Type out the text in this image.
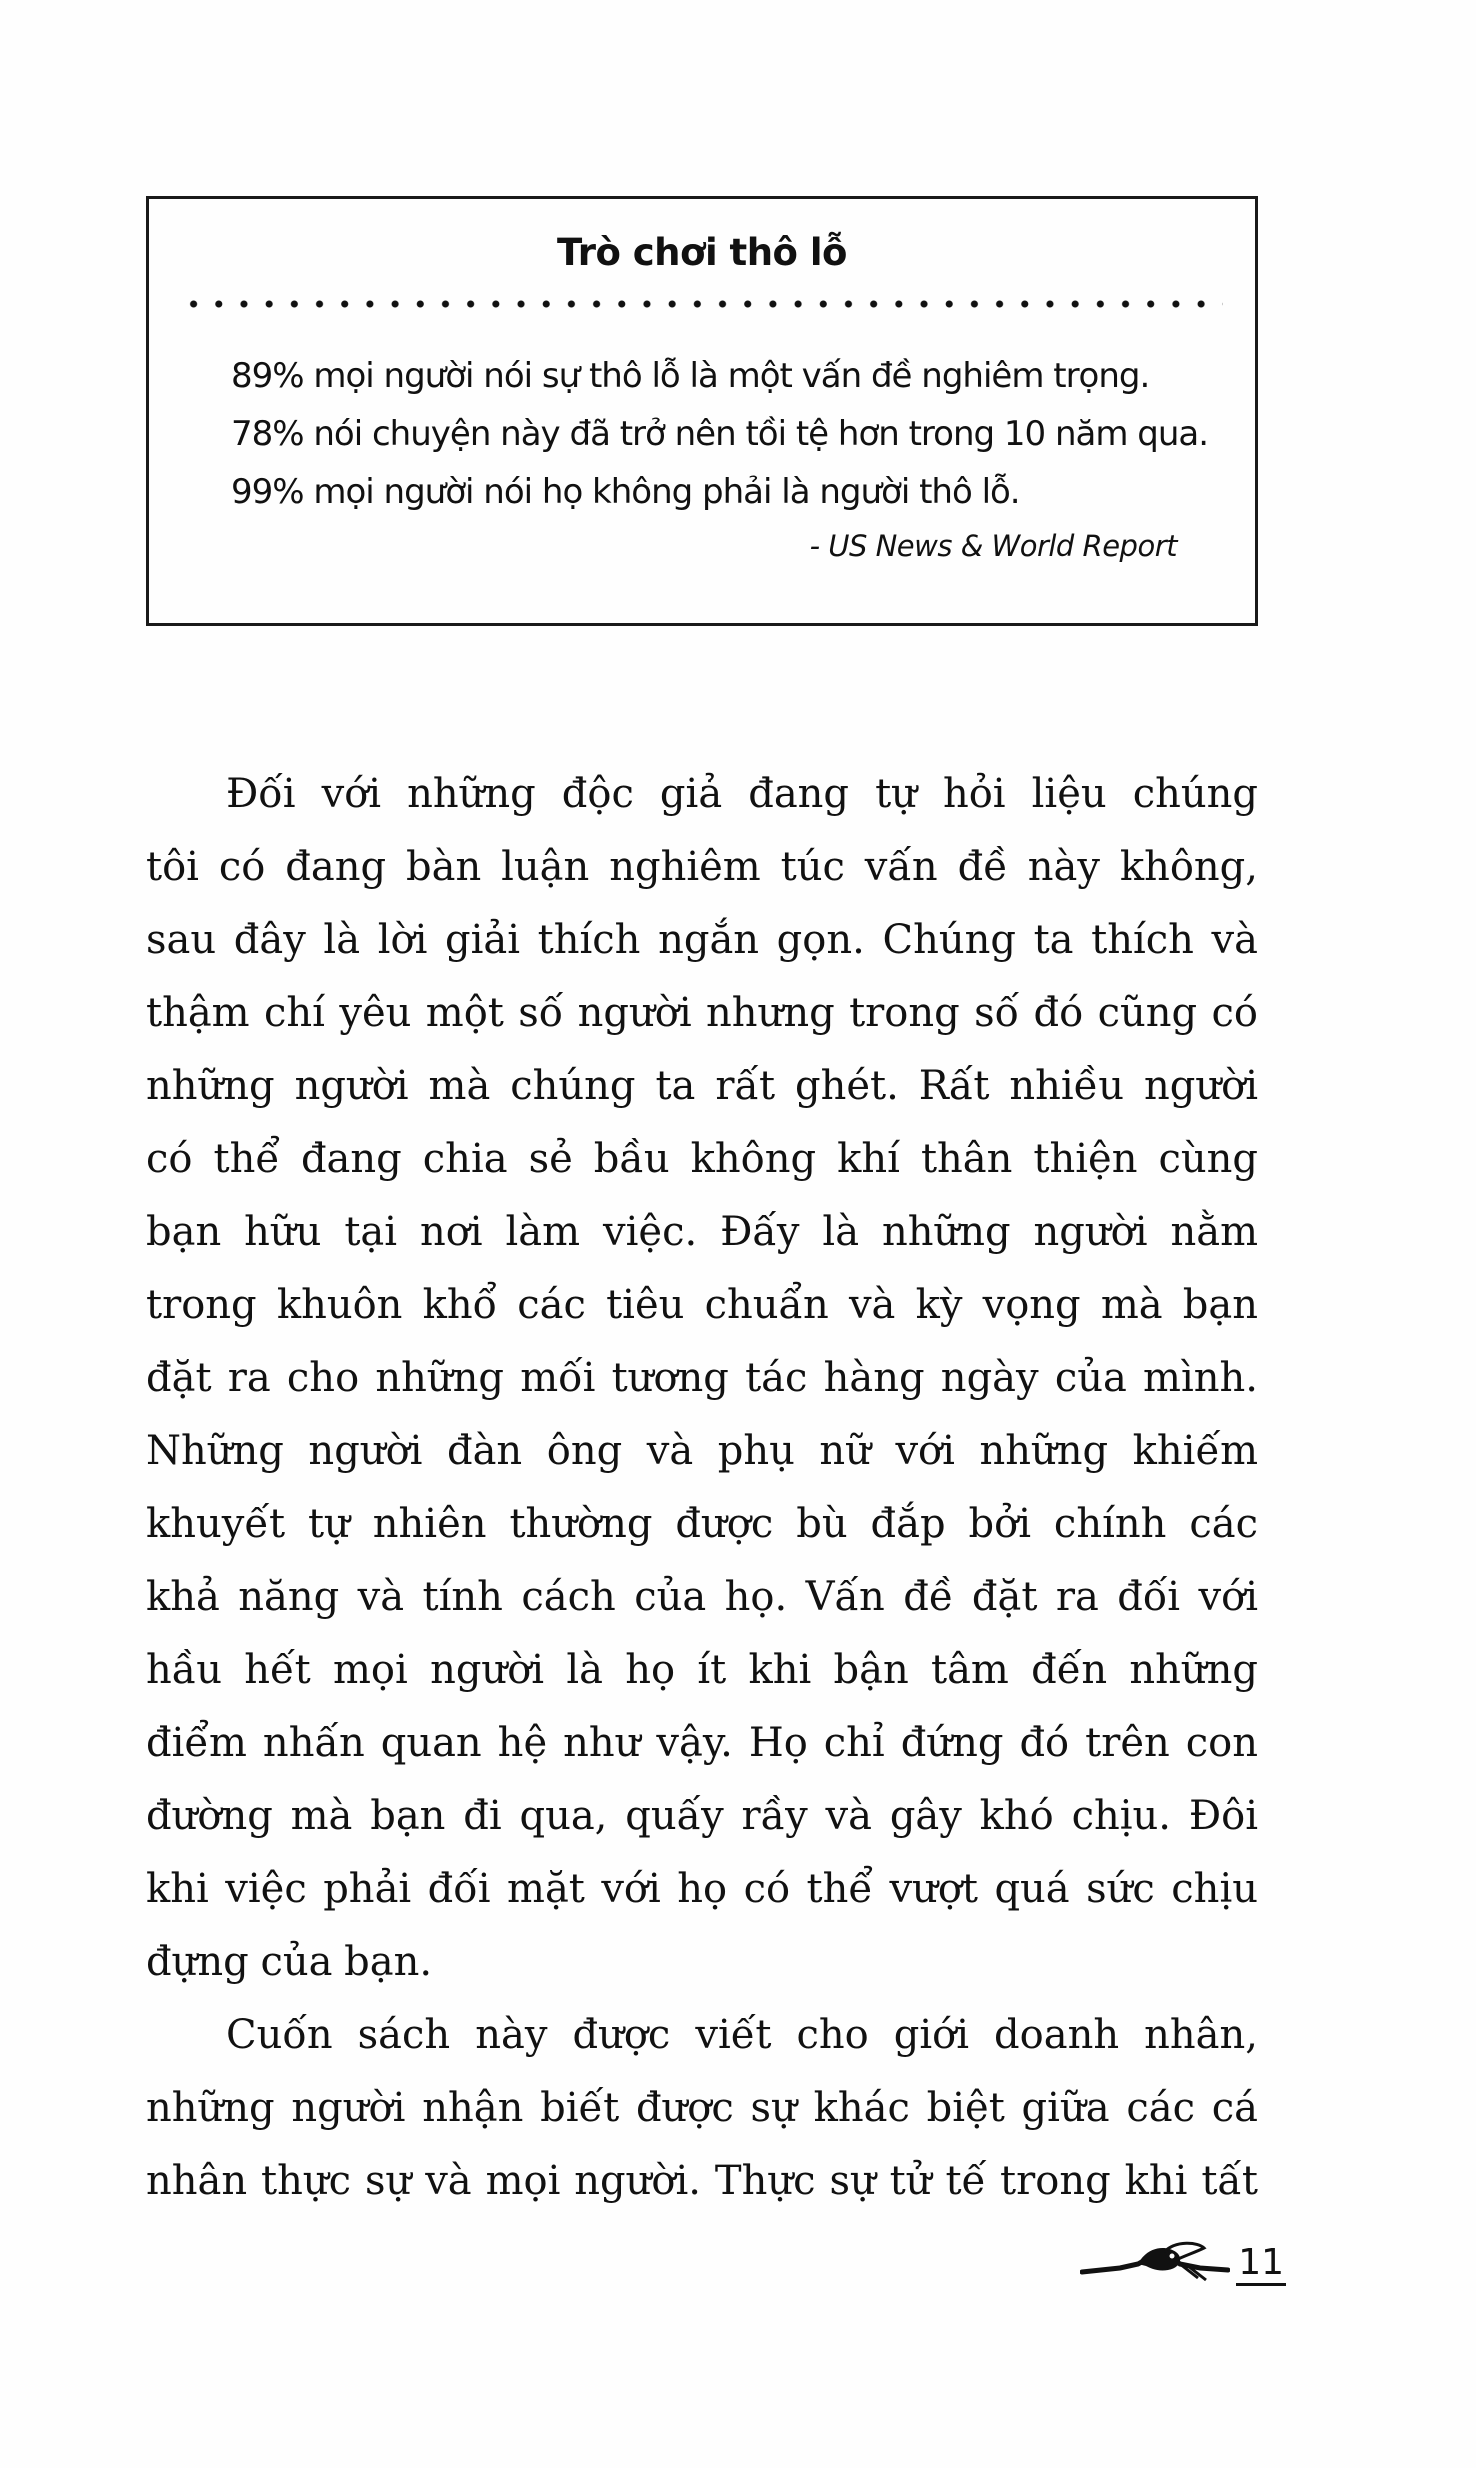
Trò chơi thô lỗ
89% mọi người nói sự thô lỗ là một vấn đề nghiêm trọng.
78% nói chuyện này đã trở nên tồi tệ hơn trong 10 năm qua.
99% mọi người nói họ không phải là người thô lỗ.
- US News & World Report
Đối với những độc giả đang tự hỏi liệu chúng
tôi có đang bàn luận nghiêm túc vấn đề này không,
sau đây là lời giải thích ngắn gọn. Chúng ta thích và
thậm chí yêu một số người nhưng trong số đó cũng có
những người mà chúng ta rất ghét. Rất nhiều người
có thể đang chia sẻ bầu không khí thân thiện cùng
bạn hữu tại nơi làm việc. Đấy là những người nằm
trong khuôn khổ các tiêu chuẩn và kỳ vọng mà bạn
đặt ra cho những mối tương tác hàng ngày của mình.
Những người đàn ông và phụ nữ với những khiếm
khuyết tự nhiên thường được bù đắp bởi chính các
khả năng và tính cách của họ. Vấn đề đặt ra đối với
hầu hết mọi người là họ ít khi bận tâm đến những
điểm nhấn quan hệ như vậy. Họ chỉ đứng đó trên con
đường mà bạn đi qua, quấy rầy và gây khó chịu. Đôi
khi việc phải đối mặt với họ có thể vượt quá sức chịu
đựng của bạn.
Cuốn sách này được viết cho giới doanh nhân,
những người nhận biết được sự khác biệt giữa các cá
nhân thực sự và mọi người. Thực sự tử tế trong khi tất
11
